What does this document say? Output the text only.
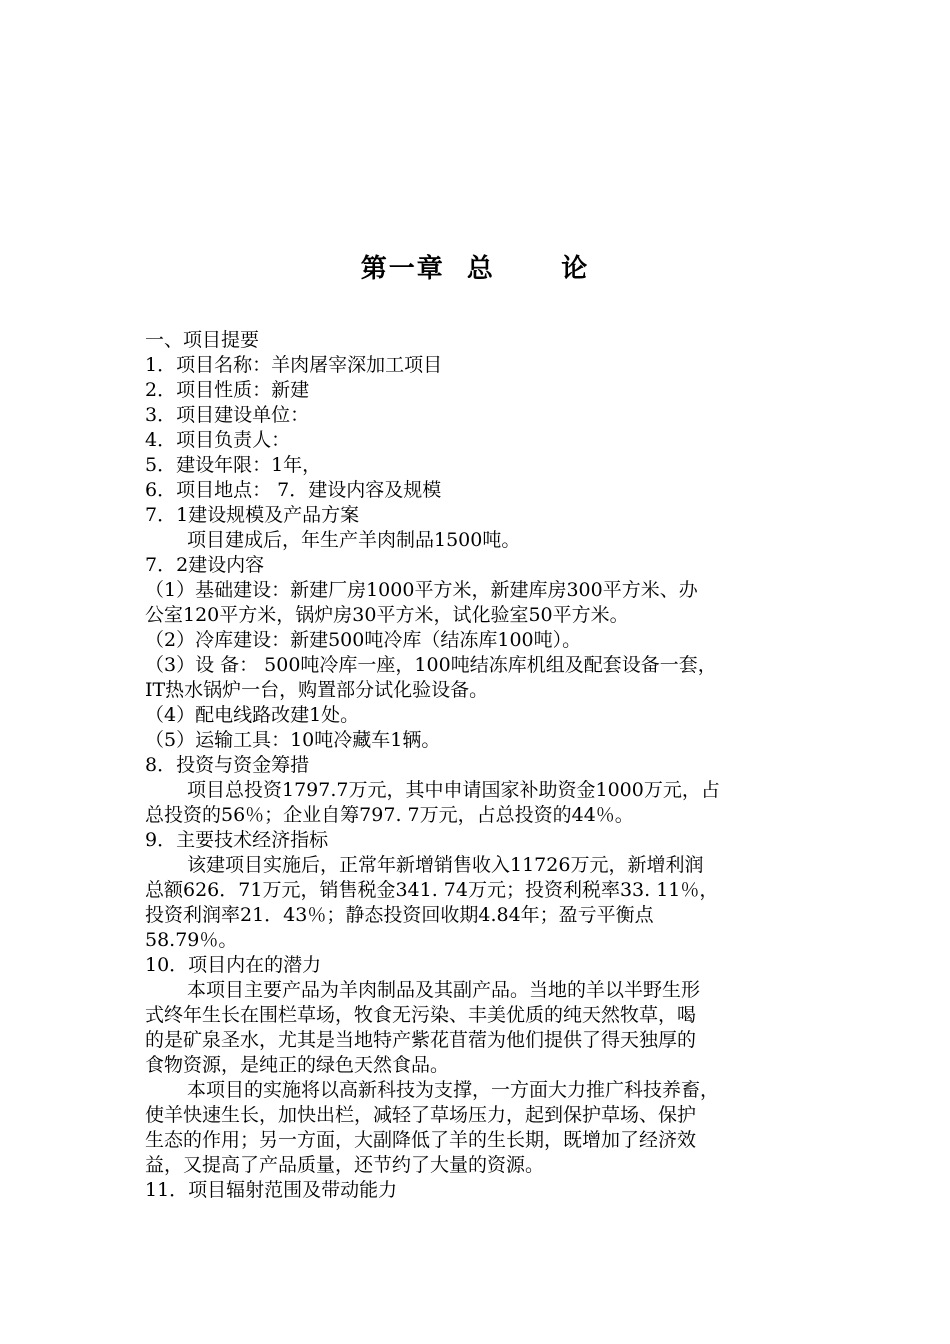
第一章  总      论
一、项目提要
1．项目名称：羊肉屠宰深加工项目
2．项目性质：新建
3．项目建设单位：
4．项目负责人：
5．建设年限：1年，
6．项目地点： 7．建设内容及规模
7．1建设规模及产品方案
项目建成后，年生产羊肉制品1500吨。
7．2建设内容
（1）基础建设：新建厂房1000平方米，新建库房300平方米、办
公室120平方米，锅炉房30平方米，试化验室50平方米。
（2）冷库建设：新建500吨冷库（结冻库100吨）。
（3）设 备： 500吨冷库一座，100吨结冻库机组及配套设备一套，
IT热水锅炉一台，购置部分试化验设备。
（4）配电线路改建1处。
（5）运输工具：10吨冷藏车1辆。
8．投资与资金筹措
项目总投资1797.7万元，其中申请国家补助资金1000万元，占
总投资的56％；企业自筹797. 7万元，占总投资的44％。
9．主要技术经济指标
该建项目实施后，正常年新增销售收入11726万元，新增利润
总额626．71万元，销售税金341. 74万元；投资利税率33. 11％，
投资利润率21．43％；静态投资回收期4.84年；盈亏平衡点
58.79％。
10．项目内在的潜力
本项目主要产品为羊肉制品及其副产品。当地的羊以半野生形
式终年生长在围栏草场，牧食无污染、丰美优质的纯天然牧草，喝
的是矿泉圣水，尤其是当地特产紫花苜蓿为他们提供了得天独厚的
食物资源，是纯正的绿色天然食品。
本项目的实施将以高新科技为支撑，一方面大力推广科技养畜，
使羊快速生长，加快出栏，减轻了草场压力，起到保护草场、保护
生态的作用；另一方面，大副降低了羊的生长期，既增加了经济效
益，又提高了产品质量，还节约了大量的资源。
11．项目辐射范围及带动能力
